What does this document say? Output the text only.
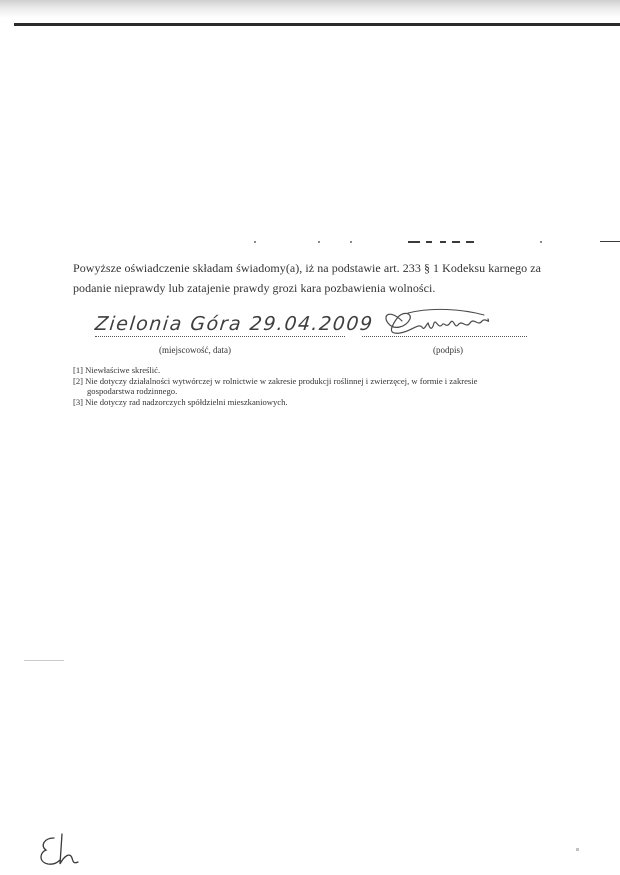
Powyższe oświadczenie składam świadomy(a), iż na podstawie art. 233 § 1 Kodeksu karnego za
podanie nieprawdy lub zatajenie prawdy grozi kara pozbawienia wolności.
Zielonia Góra 29.04.2009
(miejscowość, data)	(podpis)
[1] Niewłaściwe skreślić.
[2] Nie dotyczy działalności wytwórczej w rolnictwie w zakresie produkcji roślinnej i zwierzęcej, w formie i zakresie
gospodarstwa rodzinnego.
[3] Nie dotyczy rad nadzorczych spółdzielni mieszkaniowych.
